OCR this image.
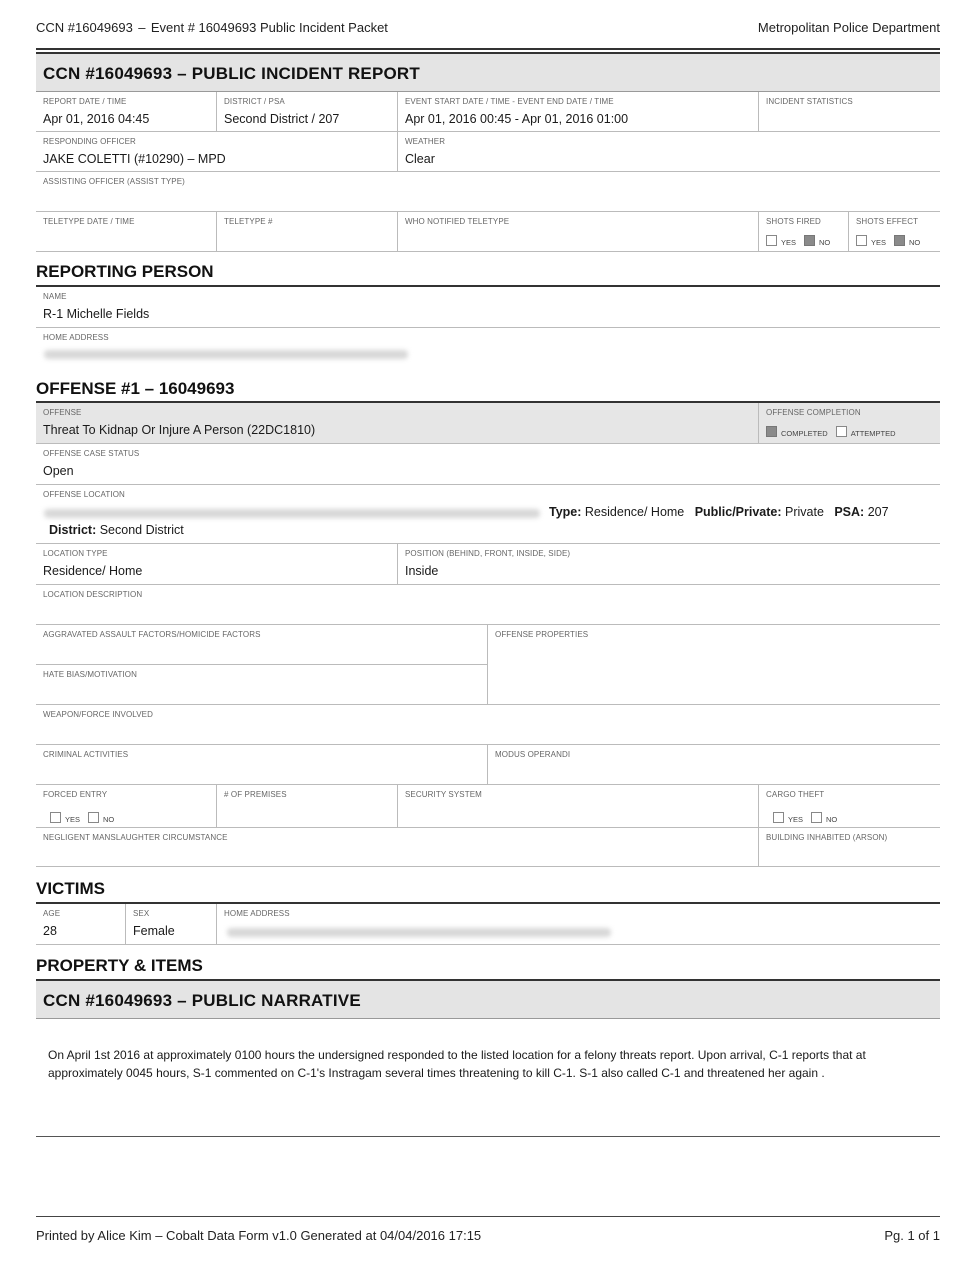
CCN #16049693 – Event # 16049693 Public Incident Packet	Metropolitan Police Department
CCN #16049693 – PUBLIC INCIDENT REPORT
REPORT DATE / TIME
Apr 01, 2016 04:45
DISTRICT / PSA
Second District / 207
EVENT START DATE / TIME - EVENT END DATE / TIME
Apr 01, 2016 00:45 - Apr 01, 2016 01:00
INCIDENT STATISTICS
RESPONDING OFFICER
JAKE COLETTI (#10290) – MPD
WEATHER
Clear
ASSISTING OFFICER (ASSIST TYPE)
TELETYPE DATE / TIME	TELETYPE #	WHO NOTIFIED TELETYPE	SHOTS FIRED
YES	NO
SHOTS EFFECT
YES	NO
REPORTING PERSON
NAME
R-1 Michelle Fields
HOME ADDRESS
OFFENSE #1 – 16049693
OFFENSE
Threat To Kidnap Or Injure A Person (22DC1810)
OFFENSE COMPLETION
COMPLETED	ATTEMPTED
OFFENSE CASE STATUS
Open
OFFENSE LOCATION
Type: Residence/ Home Public/Private: Private PSA: 207
District: Second District
LOCATION TYPE
Residence/ Home
POSITION (BEHIND, FRONT, INSIDE, SIDE)
Inside
LOCATION DESCRIPTION
AGGRAVATED ASSAULT FACTORS/HOMICIDE FACTORS	OFFENSE PROPERTIES
HATE BIAS/MOTIVATION
WEAPON/FORCE INVOLVED
CRIMINAL ACTIVITIES	MODUS OPERANDI
FORCED ENTRY
YES	NO
# OF PREMISES	SECURITY SYSTEM	CARGO THEFT
YES	NO
NEGLIGENT MANSLAUGHTER CIRCUMSTANCE	BUILDING INHABITED (ARSON)
VICTIMS
AGE
28
SEX
Female
HOME ADDRESS
PROPERTY & ITEMS
CCN #16049693 – PUBLIC NARRATIVE
On April 1st 2016 at approximately 0100 hours the undersigned responded to the listed location for a felony threats report. Upon arrival, C-1 reports that at approximately 0045 hours, S-1 commented on C-1's Instragam several times threatening to kill C-1. S-1 also called C-1 and threatened her again .
Printed by Alice Kim – Cobalt Data Form v1.0 Generated at 04/04/2016 17:15	Pg. 1 of 1
